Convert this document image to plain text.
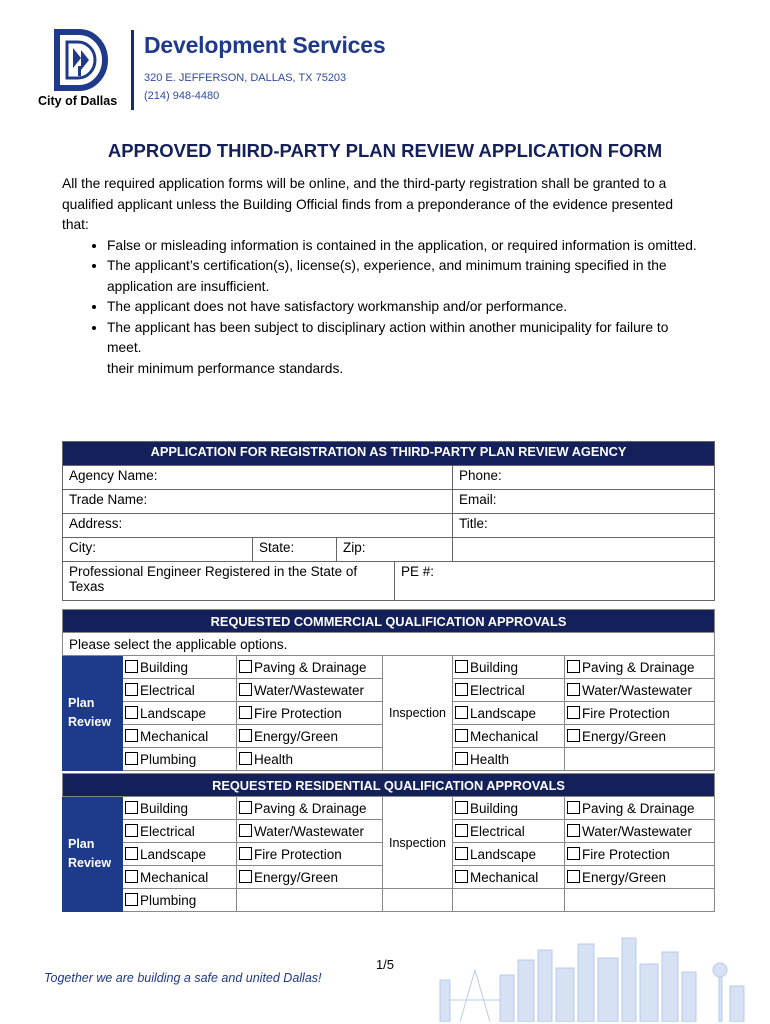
City of Dallas
Development Services
320 E. JEFFERSON, DALLAS, TX 75203
(214) 948-4480
APPROVED THIRD-PARTY PLAN REVIEW APPLICATION FORM
All the required application forms will be online, and the third-party registration shall be granted to a qualified applicant unless the Building Official finds from a preponderance of the evidence presented that:
• False or misleading information is contained in the application, or required information is omitted.
• The applicant’s certification(s), license(s), experience, and minimum training specified in the application are insufficient.
• The applicant does not have satisfactory workmanship and/or performance.
• The applicant has been subject to disciplinary action within another municipality for failure to meet.
their minimum performance standards.
APPLICATION FOR REGISTRATION AS THIRD-PARTY PLAN REVIEW AGENCY				
Agency Name:				Phone:
Trade Name:				Email:
Address:				Title:
City:	State:	Zip:		
Professional Engineer Registered in the State of Texas			PE #:	
REQUESTED COMMERCIAL QUALIFICATION APPROVALS					
Please select the applicable options.					
Plan Review	Building	Paving & Drainage	Inspection	Building	Paving & Drainage
	Electrical	Water/Wastewater		Electrical	Water/Wastewater
	Landscape	Fire Protection		Landscape	Fire Protection
	Mechanical	Energy/Green		Mechanical	Energy/Green
	Plumbing	Health		Health	
REQUESTED RESIDENTIAL QUALIFICATION APPROVALS					
Plan Review	Building	Paving & Drainage	Inspection	Building	Paving & Drainage
	Electrical	Water/Wastewater		Electrical	Water/Wastewater
	Landscape	Fire Protection		Landscape	Fire Protection
	Mechanical	Energy/Green		Mechanical	Energy/Green
	Plumbing				
1/5
Together we are building a safe and united Dallas!
